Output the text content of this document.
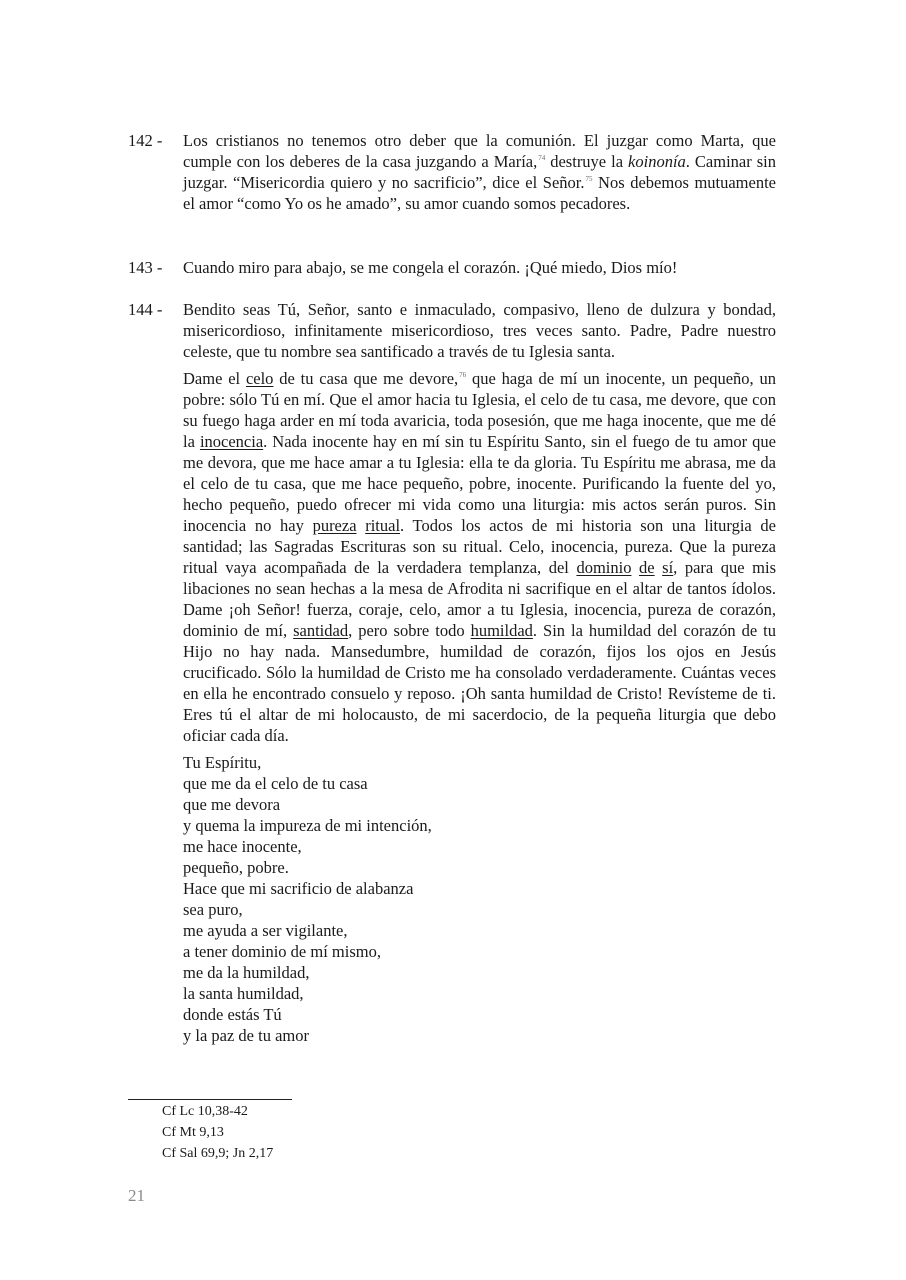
142 -	Los cristianos no tenemos otro deber que la comunión. El juzgar como Marta, que cumple con los deberes de la casa juzgando a María,$^{74}$ destruye la koinonía. Caminar sin juzgar. “Misericordia quiero y no sacrificio”, dice el Señor.$^{75}$ Nos debemos mutuamente el amor “como Yo os he amado”, su amor cuando somos pecadores.

143 -	Cuando miro para abajo, se me congela el corazón. ¡Qué miedo, Dios mío!

144 -	Bendito seas Tú, Señor, santo e inmaculado, compasivo, lleno de dulzura y bondad, misericordioso, infinitamente misericordioso, tres veces santo. Padre, Padre nuestro celeste, que tu nombre sea santificado a través de tu Iglesia santa.

Dame el celo de tu casa que me devore,$^{76}$ que haga de mí un inocente, un pequeño, un pobre: sólo Tú en mí. Que el amor hacia tu Iglesia, el celo de tu casa, me devore, que con su fuego haga arder en mí toda avaricia, toda posesión, que me haga inocente, que me dé la inocencia. Nada inocente hay en mí sin tu Espíritu Santo, sin el fuego de tu amor que me devora, que me hace amar a tu Iglesia: ella te da gloria. Tu Espíritu me abrasa, me da el celo de tu casa, que me hace pequeño, pobre, inocente. Purificando la fuente del yo, hecho pequeño, puedo ofrecer mi vida como una liturgia: mis actos serán puros. Sin inocencia no hay pureza ritual. Todos los actos de mi historia son una liturgia de santidad; las Sagradas Escrituras son su ritual. Celo, inocencia, pureza. Que la pureza ritual vaya acompañada de la verdadera templanza, del dominio de sí, para que mis libaciones no sean hechas a la mesa de Afrodita ni sacrifique en el altar de tantos ídolos. Dame ¡oh Señor! fuerza, coraje, celo, amor a tu Iglesia, inocencia, pureza de corazón, dominio de mí, santidad, pero sobre todo humildad. Sin la humildad del corazón de tu Hijo no hay nada. Mansedumbre, humildad de corazón, fijos los ojos en Jesús crucificado. Sólo la humildad de Cristo me ha consolado verdaderamente. Cuántas veces en ella he encontrado consuelo y reposo. ¡Oh santa humildad de Cristo! Revísteme de ti. Eres tú el altar de mi holocausto, de mi sacerdocio, de la pequeña liturgia que debo oficiar cada día.

Tu Espíritu,
que me da el celo de tu casa
que me devora
y quema la impureza de mi intención,
me hace inocente,
pequeño, pobre.
Hace que mi sacrificio de alabanza
sea puro,
me ayuda a ser vigilante,
a tener dominio de mí mismo,
me da la humildad,
la santa humildad,
donde estás Tú
y la paz de tu amor
Cf Lc 10,38-42
Cf Mt 9,13
Cf Sal 69,9; Jn 2,17
21
